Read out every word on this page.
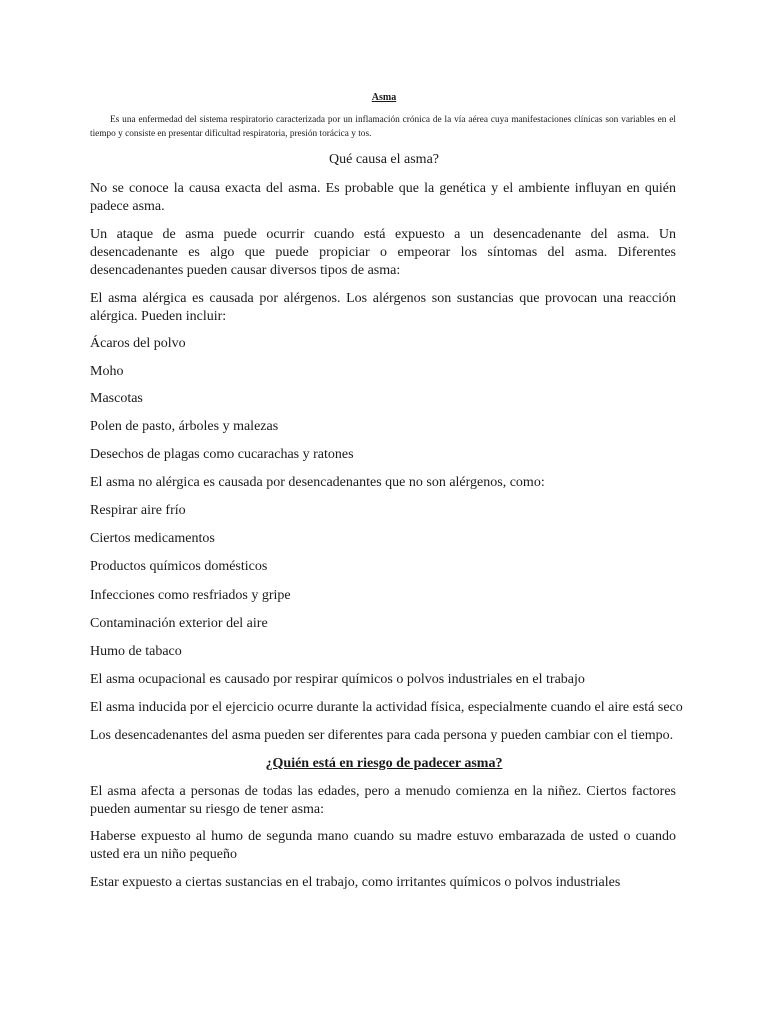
Asma

Es una enfermedad del sistema respiratorio caracterizada por un inflamación crónica de la vía aérea cuya manifestaciones clínicas son variables en el tiempo y consiste en presentar dificultad respiratoria, presión torácica y tos.

Qué causa el asma?

No se conoce la causa exacta del asma. Es probable que la genética y el ambiente influyan en quién padece asma.

Un ataque de asma puede ocurrir cuando está expuesto a un desencadenante del asma. Un desencadenante es algo que puede propiciar o empeorar los síntomas del asma. Diferentes desencadenantes pueden causar diversos tipos de asma:

El asma alérgica es causada por alérgenos. Los alérgenos son sustancias que provocan una reacción alérgica. Pueden incluir:

Ácaros del polvo

Moho

Mascotas

Polen de pasto, árboles y malezas

Desechos de plagas como cucarachas y ratones

El asma no alérgica es causada por desencadenantes que no son alérgenos, como:

Respirar aire frío

Ciertos medicamentos

Productos químicos domésticos

Infecciones como resfriados y gripe

Contaminación exterior del aire

Humo de tabaco

El asma ocupacional es causado por respirar químicos o polvos industriales en el trabajo

El asma inducida por el ejercicio ocurre durante la actividad física, especialmente cuando el aire está seco

Los desencadenantes del asma pueden ser diferentes para cada persona y pueden cambiar con el tiempo.

¿Quién está en riesgo de padecer asma?

El asma afecta a personas de todas las edades, pero a menudo comienza en la niñez. Ciertos factores pueden aumentar su riesgo de tener asma:

Haberse expuesto al humo de segunda mano cuando su madre estuvo embarazada de usted o cuando usted era un niño pequeño

Estar expuesto a ciertas sustancias en el trabajo, como irritantes químicos o polvos industriales
